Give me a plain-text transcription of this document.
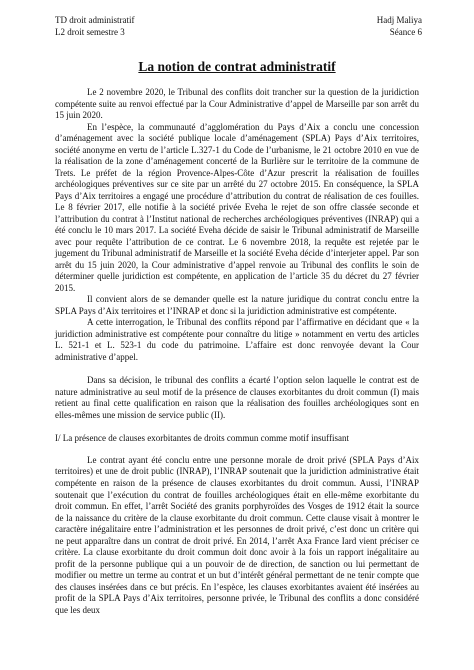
TD droit administratif
L2 droit semestre 3
Hadj Maliya
Séance 6
La notion de contrat administratif

Le 2 novembre 2020, le Tribunal des conflits doit trancher sur la question de la juridiction compétente suite au renvoi effectué par la Cour Administrative d’appel de Marseille par son arrêt du 15 juin 2020.

En l’espèce, la communauté d’agglomération du Pays d’Aix a conclu une concession d’aménagement avec la société publique locale d’aménagement (SPLA) Pays d’Aix territoires, société anonyme en vertu de l’article L.327-1 du Code de l’urbanisme, le 21 octobre 2010 en vue de la réalisation de la zone d’aménagement concerté de la Burlière sur le territoire de la commune de Trets. Le préfet de la région Provence-Alpes-Côte d’Azur prescrit la réalisation de fouilles archéologiques préventives sur ce site par un arrêté du 27 octobre 2015. En conséquence, la SPLA Pays d’Aix territoires a engagé une procédure d’attribution du contrat de réalisation de ces fouilles. Le 8 février 2017, elle notifie à la société privée Eveha le rejet de son offre classée seconde et l’attribution du contrat à l’Institut national de recherches archéologiques préventives (INRAP) qui a été conclu le 10 mars 2017. La société Eveha décide de saisir le Tribunal administratif de Marseille avec pour requête l’attribution de ce contrat. Le 6 novembre 2018, la requête est rejetée par le jugement du Tribunal administratif de Marseille et la société Eveha décide d’interjeter appel. Par son arrêt du 15 juin 2020, la Cour administrative d’appel renvoie au Tribunal des conflits le soin de déterminer quelle juridiction est compétente, en application de l’article 35 du décret du 27 février 2015.

Il convient alors de se demander quelle est la nature juridique du contrat conclu entre la SPLA Pays d’Aix territoires et l’INRAP et donc si la juridiction administrative est compétente.

A cette interrogation, le Tribunal des conflits répond par l’affirmative en décidant que « la juridiction administrative est compétente pour connaître du litige » notamment en vertu des articles L. 521-1 et L. 523-1 du code du patrimoine. L’affaire est donc renvoyée devant la Cour administrative d’appel.

Dans sa décision, le tribunal des conflits a écarté l’option selon laquelle le contrat est de nature administrative au seul motif de la présence de clauses exorbitantes du droit commun (I) mais retient au final cette qualification en raison que la réalisation des fouilles archéologiques sont en elles-mêmes une mission de service public (II).

I/ La présence de clauses exorbitantes de droits commun comme motif insuffisant

Le contrat ayant été conclu entre une personne morale de droit privé (SPLA Pays d’Aix territoires) et une de droit public (INRAP), l’INRAP soutenait que la juridiction administrative était compétente en raison de la présence de clauses exorbitantes du droit commun. Aussi, l’INRAP soutenait que l’exécution du contrat de fouilles archéologiques était en elle-même exorbitante du droit commun. En effet, l’arrêt Société des granits porphyroïdes des Vosges de 1912 était la source de la naissance du critère de la clause exorbitante du droit commun. Cette clause visait à montrer le caractère inégalitaire entre l’administration et les personnes de droit privé, c’est donc un critère qui ne peut apparaître dans un contrat de droit privé. En 2014, l’arrêt Axa France Iard vient préciser ce critère. La clause exorbitante du droit commun doit donc avoir à la fois un rapport inégalitaire au profit de la personne publique qui a un pouvoir de de direction, de sanction ou lui permettant de modifier ou mettre un terme au contrat et un but d’intérêt général permettant de ne tenir compte que des clauses insérées dans ce but précis. En l’espèce, les clauses exorbitantes avaient été insérées au profit de la SPLA Pays d’Aix territoires, personne privée, le Tribunal des conflits a donc considéré que les deux
